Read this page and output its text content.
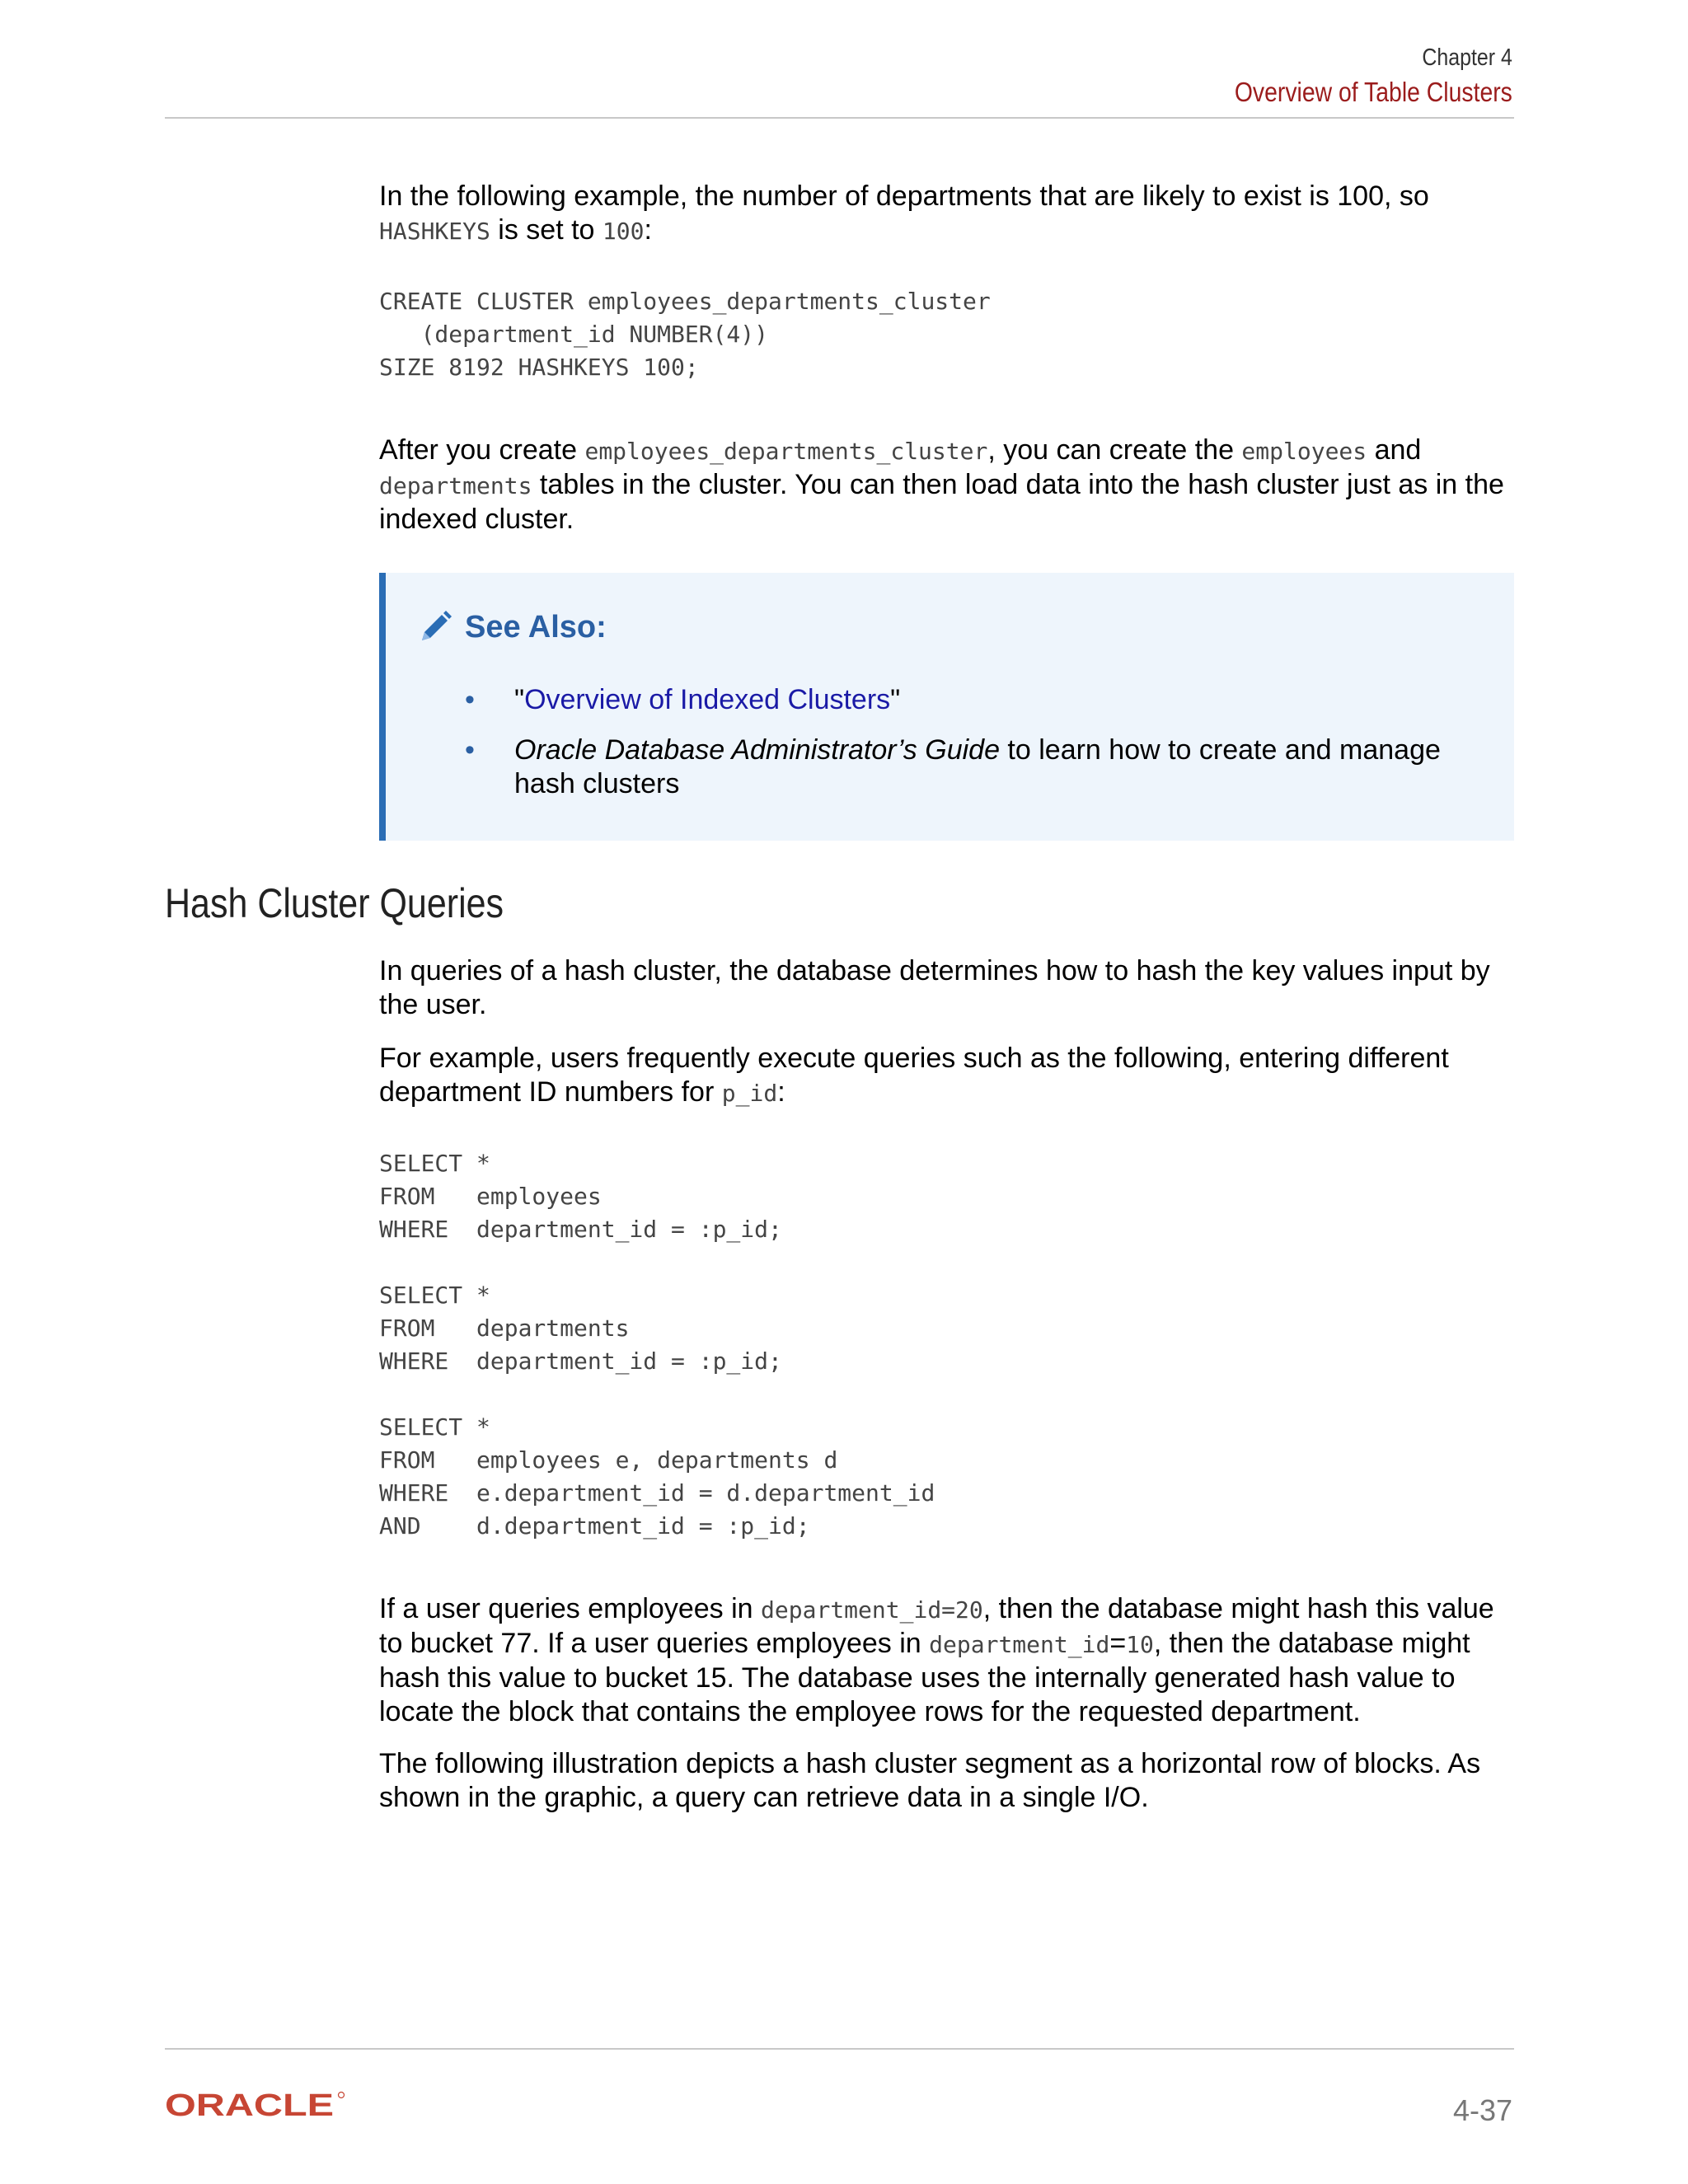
Chapter 4
Overview of Table Clusters

In the following example, the number of departments that are likely to exist is 100, so
HASHKEYS is set to 100:

CREATE CLUSTER employees_departments_cluster
(department_id NUMBER(4))
SIZE 8192 HASHKEYS 100;

After you create employees_departments_cluster, you can create the employees and
departments tables in the cluster. You can then load data into the hash cluster just as in the indexed cluster.

See Also:
• "Overview of Indexed Clusters"
• Oracle Database Administrator’s Guide to learn how to create and manage hash clusters
Hash Cluster Queries

In queries of a hash cluster, the database determines how to hash the key values input by the user.

For example, users frequently execute queries such as the following, entering different department ID numbers for p_id:

SELECT *
FROM   employees
WHERE  department_id = :p_id;

SELECT *
FROM   departments
WHERE  department_id = :p_id;

SELECT *
FROM   employees e, departments d
WHERE  e.department_id = d.department_id
AND    d.department_id = :p_id;

If a user queries employees in department_id=20, then the database might hash this value to bucket 77. If a user queries employees in department_id=10, then the database might hash this value to bucket 15. The database uses the internally generated hash value to locate the block that contains the employee rows for the requested department.

The following illustration depicts a hash cluster segment as a horizontal row of blocks. As shown in the graphic, a query can retrieve data in a single I/O.

ORACLE	4-37
